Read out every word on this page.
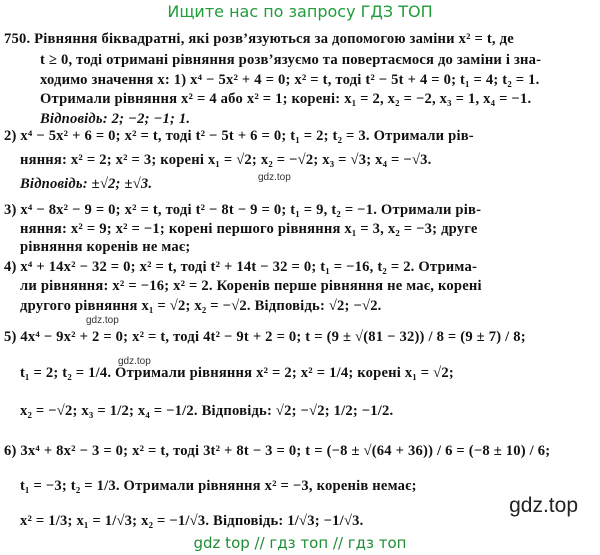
Ищите нас по запросу ГДЗ ТОП
750. Рівняння біквадратні, які розв’язуються за допомогою заміни x² = t, де
t ≥ 0, тоді отримані рівняння розв’язуємо та повертаємося до заміни і зна-
ходимо значення x: 1) x⁴ − 5x² + 4 = 0; x² = t, тоді t² − 5t + 4 = 0; t₁ = 4; t₂ = 1.
Отримали рівняння x² = 4 або x² = 1; корені: x₁ = 2, x₂ = −2, x₃ = 1, x₄ = −1.
Відповідь: 2; −2; −1; 1.
2) x⁴ − 5x² + 6 = 0; x² = t, тоді t² − 5t + 6 = 0; t₁ = 2; t₂ = 3. Отримали рів-
няння: x² = 2; x² = 3; корені x₁ = √2; x₂ = −√2; x₃ = √3; x₄ = −√3.
Відповідь: ±√2; ±√3.
3) x⁴ − 8x² − 9 = 0; x² = t, тоді t² − 8t − 9 = 0; t₁ = 9, t₂ = −1. Отримали рів-
няння: x² = 9; x² = −1; корені першого рівняння x₁ = 3, x₂ = −3; друге
рівняння коренів не має;
4) x⁴ + 14x² − 32 = 0; x² = t, тоді t² + 14t − 32 = 0; t₁ = −16, t₂ = 2. Отрима-
ли рівняння: x² = −16; x² = 2. Коренів перше рівняння не має, корені
другого рівняння x₁ = √2; x₂ = −√2. Відповідь: √2; −√2.
5) 4x⁴ − 9x² + 2 = 0; x² = t, тоді 4t² − 9t + 2 = 0; t = (9 ± √(81 − 32)) / 8 = (9 ± 7) / 8;
t₁ = 2; t₂ = 1/4. Отримали рівняння x² = 2; x² = 1/4; корені x₁ = √2;
x₂ = −√2; x₃ = 1/2; x₄ = −1/2. Відповідь: √2; −√2; 1/2; −1/2.
6) 3x⁴ + 8x² − 3 = 0; x² = t, тоді 3t² + 8t − 3 = 0; t = (−8 ± √(64 + 36)) / 6 = (−8 ± 10) / 6;
t₁ = −3; t₂ = 1/3. Отримали рівняння x² = −3, коренів немає;
x² = 1/3; x₁ = 1/√3; x₂ = −1/√3. Відповідь: 1/√3; −1/√3.
gdz.top
gdz.top
gdz.top
gdz.top
gdz top // гдз топ // гдз топ
